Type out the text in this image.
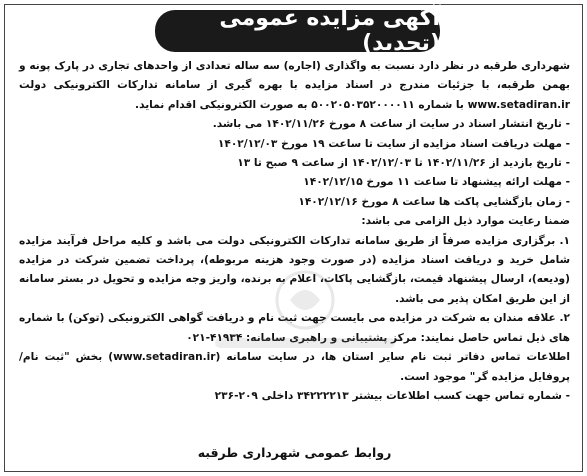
آگهی مزایده عمومی (تجدید)

شهرداری طرقبه در نظر دارد نسبت به واگذاری (اجاره) سه ساله تعدادی از واحدهای تجاری در پارک پونه و بهمن طرقبه، با جزئیات مندرج در اسناد مزایده با بهره گیری از سامانه تدارکات الکترونیکی دولت www.setadiran.ir با شماره ۵۰۰۲۰۵۰۳۵۲۰۰۰۰۱۱ به صورت الکترونیکی اقدام نماید.

- تاریخ انتشار اسناد در سایت از ساعت ۸ مورخ ۱۴۰۲/۱۱/۲۶ می باشد.
- مهلت دریافت اسناد مزایده از سایت تا ساعت ۱۹ مورخ ۱۴۰۲/۱۲/۰۳
- تاریخ بازدید از ۱۴۰۲/۱۱/۲۶ تا ۱۴۰۲/۱۲/۰۳ از ساعت ۹ صبح تا ۱۳
- مهلت ارائه پیشنهاد تا ساعت ۱۱ مورخ ۱۴۰۲/۱۲/۱۵
- زمان بازگشایی پاکت ها ساعت ۸ مورخ ۱۴۰۲/۱۲/۱۶
ضمنا رعایت موارد ذیل الزامی می باشد:

۱. برگزاری مزایده صرفاً از طریق سامانه تدارکات الکترونیکی دولت می باشد و کلیه مراحل فرآیند مزایده شامل خرید و دریافت اسناد مزایده (در صورت وجود هزینه مربوطه)، پرداخت تضمین شرکت در مزایده (ودیعه)، ارسال پیشنهاد قیمت، بازگشایی پاکات، اعلام به برنده، واریز وجه مزایده و تحویل در بستر سامانه از این طریق امکان پذیر می باشد.

۲. علاقه مندان به شرکت در مزایده می بایست جهت ثبت نام و دریافت گواهی الکترونیکی (توکن) با شماره های ذیل تماس حاصل نمایند: مرکز پشتیبانی و راهبری سامانه: ۴۱۹۳۴-۰۲۱

اطلاعات تماس دفاتر ثبت نام سایر استان ها، در سایت سامانه (www.setadiran.ir) بخش "ثبت نام/پروفایل مزایده گر" موجود است.

- شماره تماس جهت کسب اطلاعات بیشتر ۳۴۲۲۲۲۱۳ داخلی ۲۰۹-۲۳۶
روابط عمومی شهرداری طرقبه
